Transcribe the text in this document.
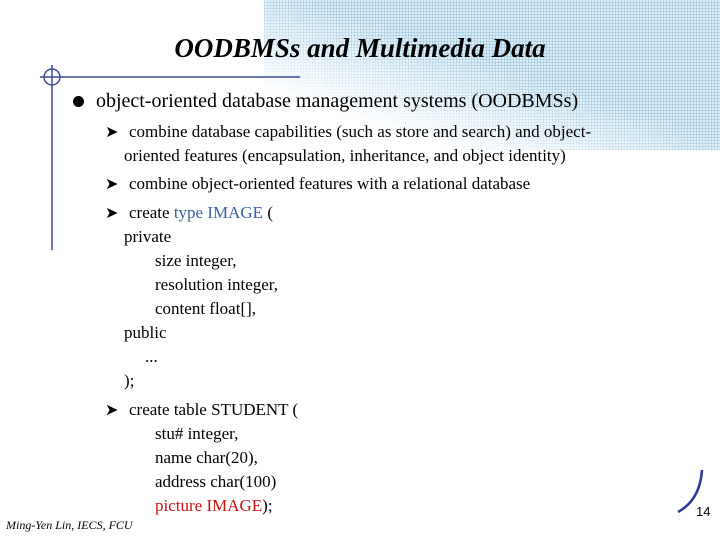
OODBMSs and Multimedia Data
object-oriented database management systems (OODBMSs)
➤ combine database capabilities (such as store and search) and object-
oriented features (encapsulation, inheritance, and object identity)
➤ combine object-oriented features with a relational database
➤ create type IMAGE (
private
size integer,
resolution integer,
content float[],
public
...
);
➤ create table STUDENT (
stu# integer,
name char(20),
address char(100)
picture IMAGE);
Ming-Yen Lin, IECS, FCU
14
